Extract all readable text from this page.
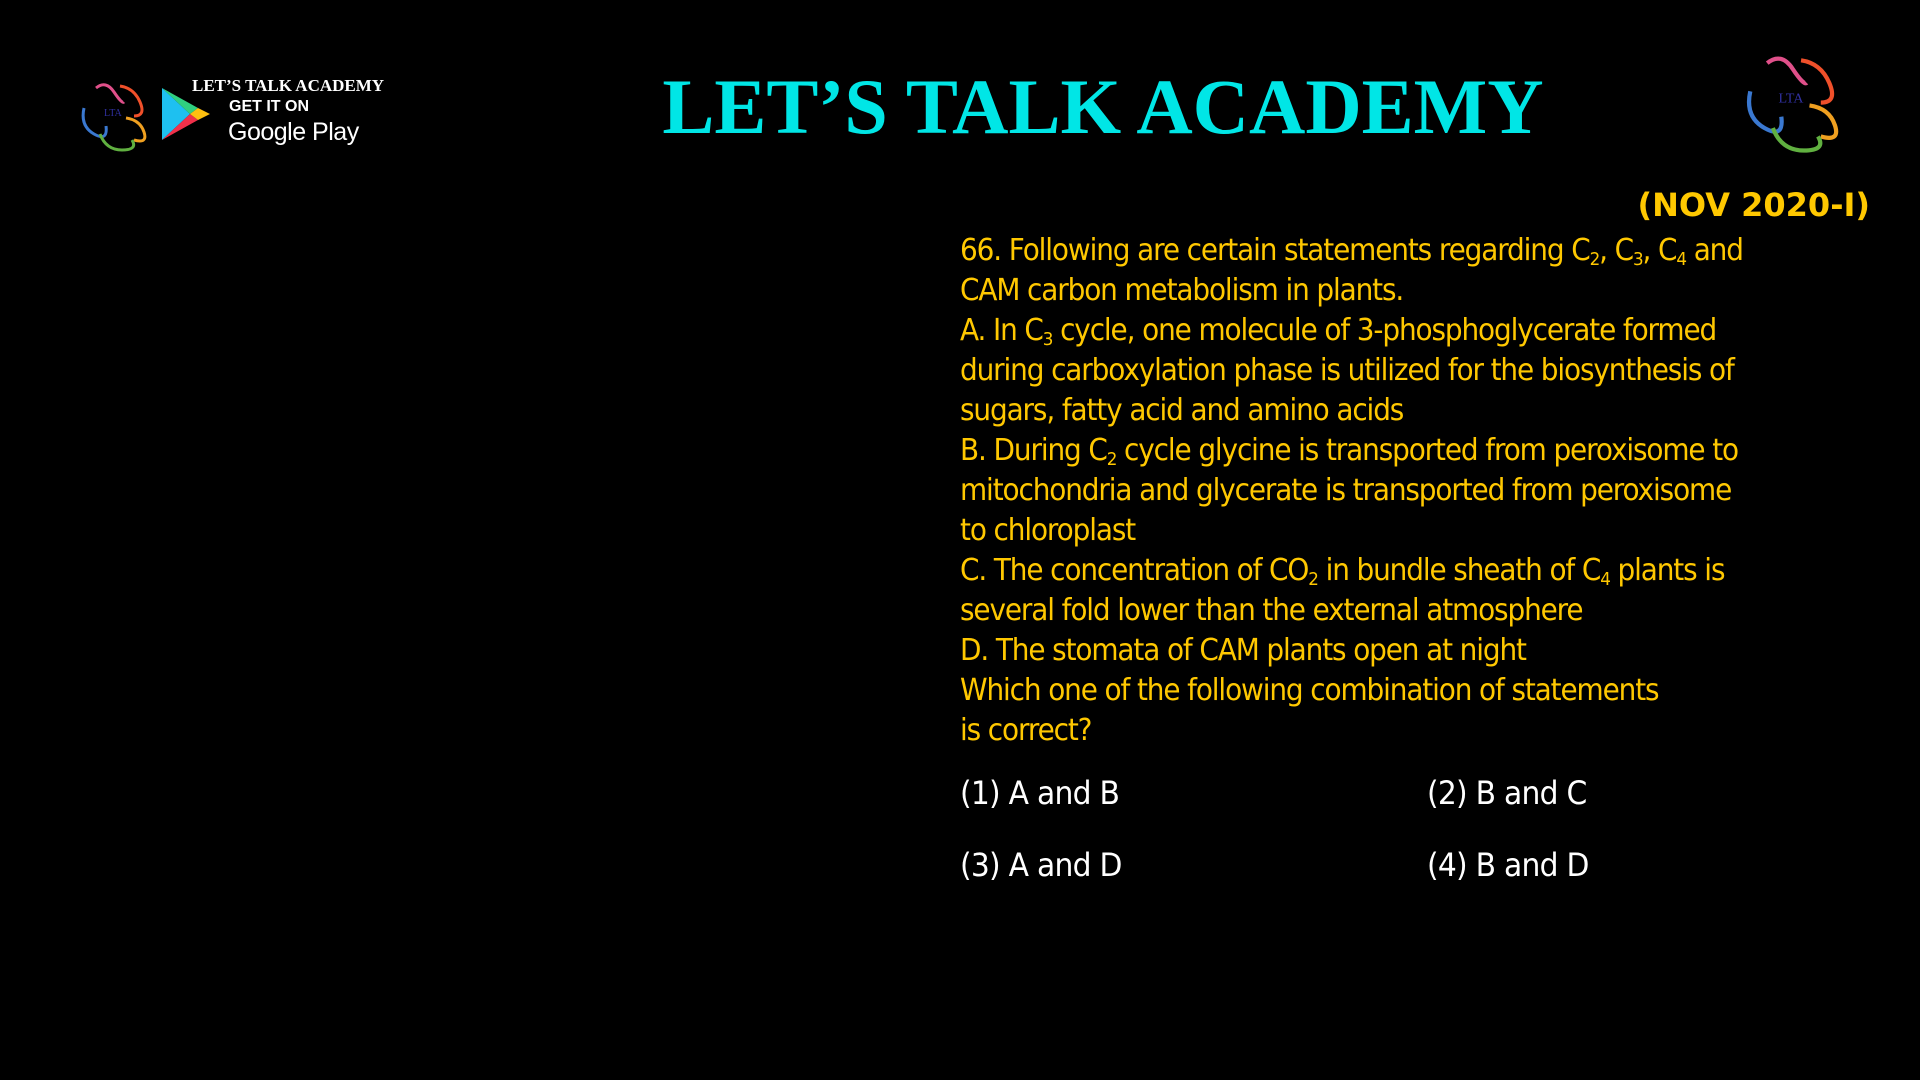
LTA
LET’S TALK ACADEMY
GET IT ON
Google Play	LET’S TALK ACADEMY	LTA
(NOV 2020-I)
66. Following are certain statements regarding $C_2$, $C_3$, $C_4$ and
CAM carbon metabolism in plants.
A. In $C_3$ cycle, one molecule of 3-phosphoglycerate formed
during carboxylation phase is utilized for the biosynthesis of
sugars, fatty acid and amino acids
B. During $C_2$ cycle glycine is transported from peroxisome to
mitochondria and glycerate is transported from peroxisome
to chloroplast
C. The concentration of $CO_2$ in bundle sheath of $C_4$ plants is
several fold lower than the external atmosphere
D. The stomata of CAM plants open at night
Which one of the following combination of statements
is correct?
(1) A and B	(2) B and C
(3) A and D	(4) B and D
